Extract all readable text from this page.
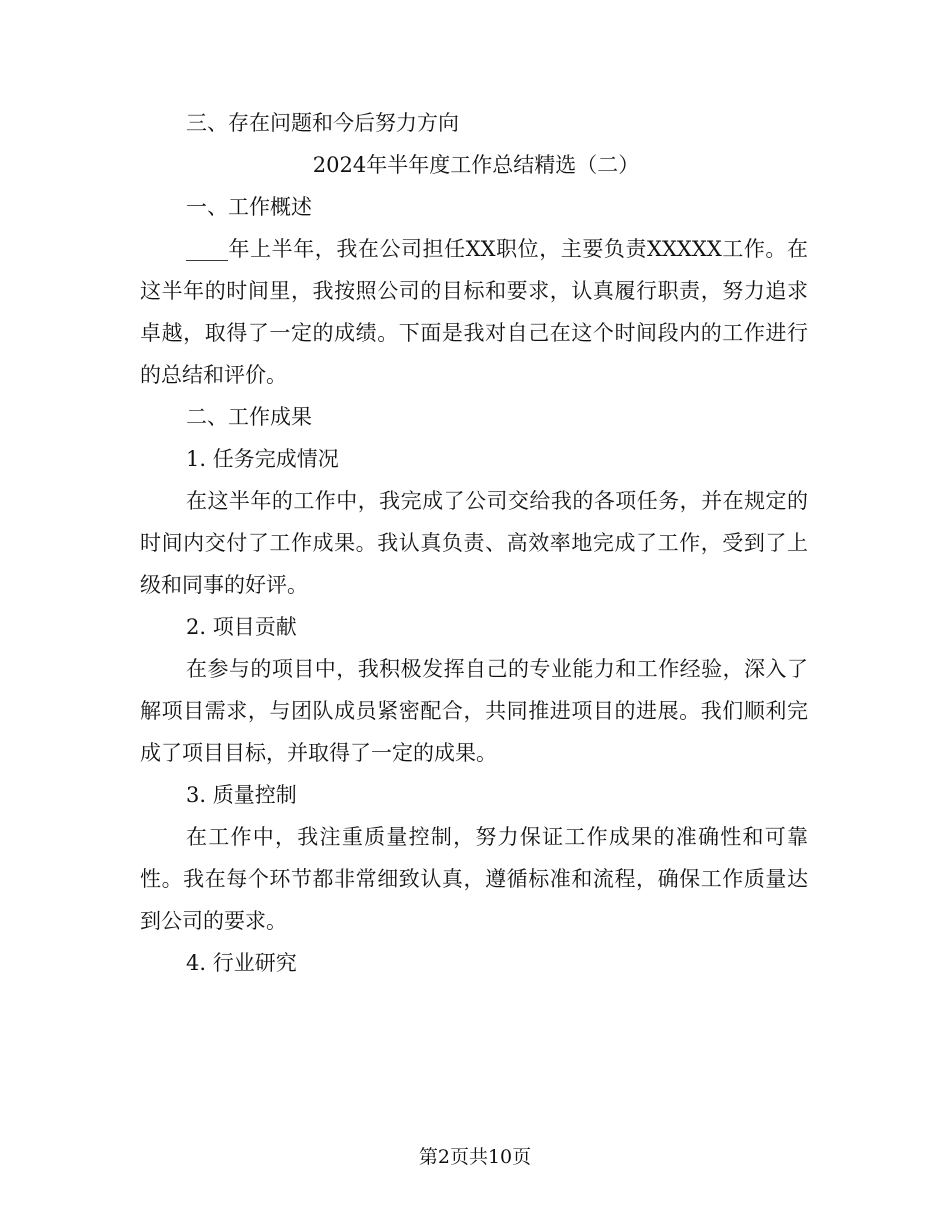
三、存在问题和今后努力方向

2024年半年度工作总结精选（二）

一、工作概述

____年上半年，我在公司担任XX职位，主要负责XXXXX工作。在这半年的时间里，我按照公司的目标和要求，认真履行职责，努力追求卓越，取得了一定的成绩。下面是我对自己在这个时间段内的工作进行的总结和评价。

二、工作成果

1. 任务完成情况

在这半年的工作中，我完成了公司交给我的各项任务，并在规定的时间内交付了工作成果。我认真负责、高效率地完成了工作，受到了上级和同事的好评。

2. 项目贡献

在参与的项目中，我积极发挥自己的专业能力和工作经验，深入了解项目需求，与团队成员紧密配合，共同推进项目的进展。我们顺利完成了项目目标，并取得了一定的成果。

3. 质量控制

在工作中，我注重质量控制，努力保证工作成果的准确性和可靠性。我在每个环节都非常细致认真，遵循标准和流程，确保工作质量达到公司的要求。

4. 行业研究

第2页共10页
